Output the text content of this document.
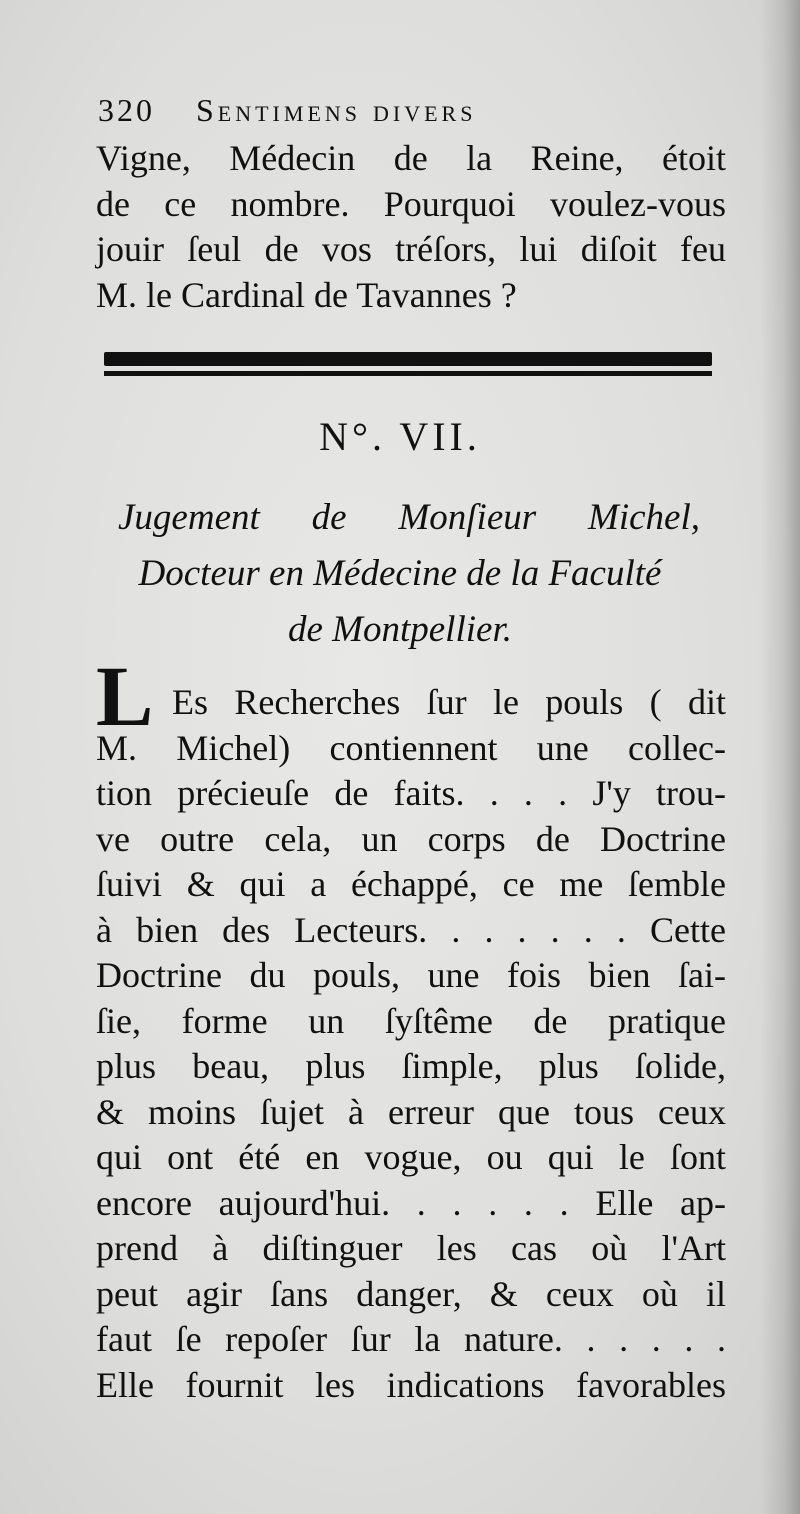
320 Sentimens divers
Vigne, Médecin de la Reine, étoit
de ce nombre. Pourquoi voulez-vous
jouir ſeul de vos tréſors, lui diſoit feu
M. le Cardinal de Tavannes ?
N°. VII.
Jugement de Monſieur Michel,
Docteur en Médecine de la Faculté
de Montpellier.
L Es Recherches ſur le pouls ( dit
M. Michel) contiennent une collec-
tion précieuſe de faits. . . . J'y trou-
ve outre cela, un corps de Doctrine
ſuivi & qui a échappé, ce me ſemble
à bien des Lecteurs. . . . . . . Cette
Doctrine du pouls, une fois bien ſai-
ſie, forme un ſyſtême de pratique
plus beau, plus ſimple, plus ſolide,
& moins ſujet à erreur que tous ceux
qui ont été en vogue, ou qui le ſont
encore aujourd'hui. . . . . . Elle ap-
prend à diſtinguer les cas où l'Art
peut agir ſans danger, & ceux où il
faut ſe repoſer ſur la nature. . . . . .
Elle fournit les indications favorables
